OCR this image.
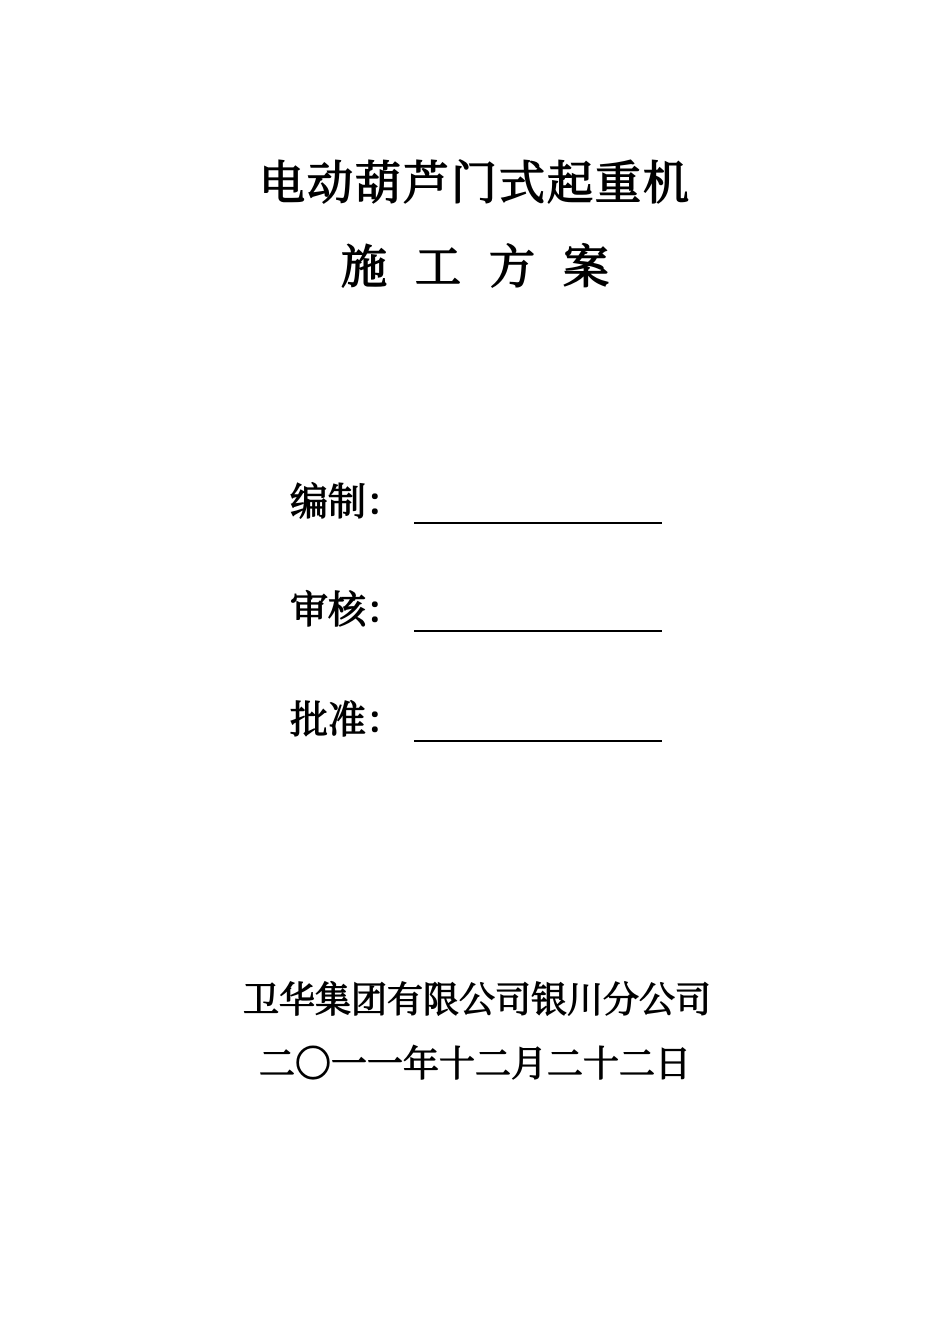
电动葫芦门式起重机
施工方案
编制：
审核：
批准：
卫华集团有限公司银川分公司
二〇一一年十二月二十二日
